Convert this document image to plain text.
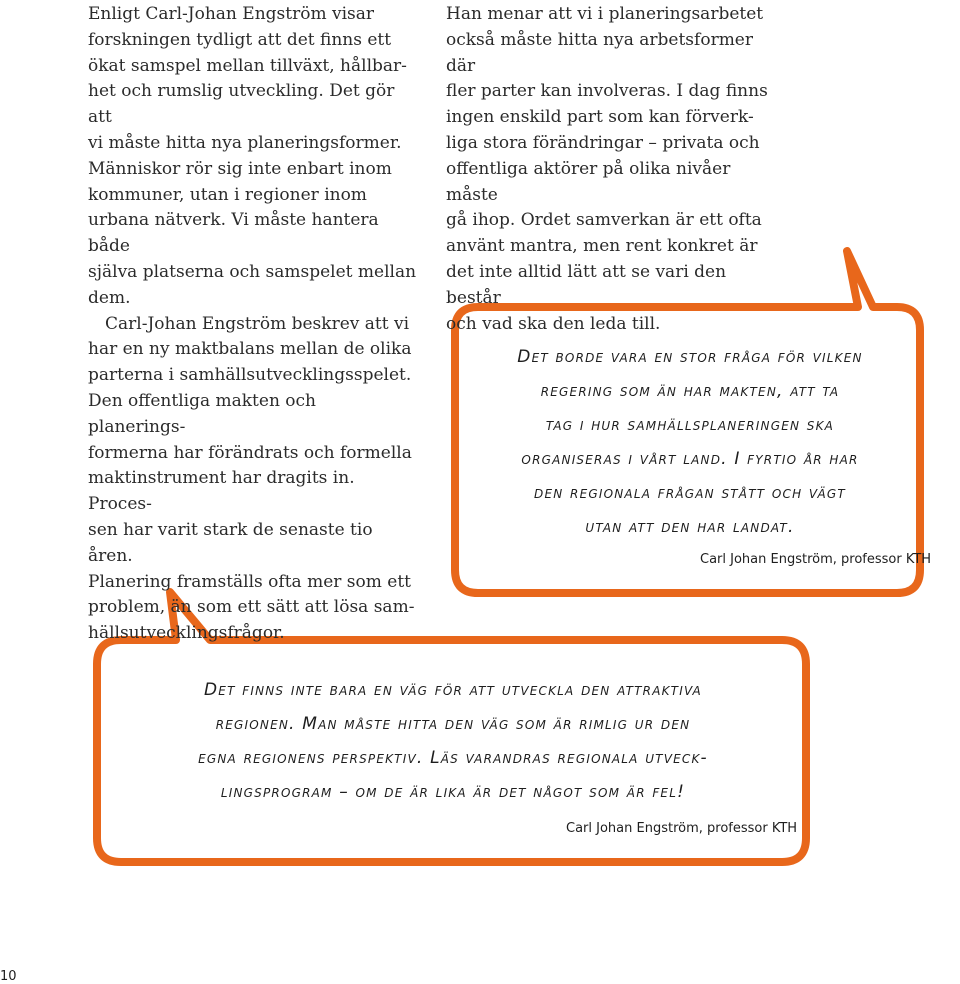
Enligt Carl-Johan Engström visar
forskningen tydligt att det finns ett
ökat samspel mellan tillväxt, hållbar-
het och rumslig utveckling. Det gör att
vi måste hitta nya planeringsformer.
Människor rör sig inte enbart inom
kommuner, utan i regioner inom
urbana nätverk. Vi måste hantera både
själva platserna och samspelet mellan
dem.

Carl-Johan Engström beskrev att vi
har en ny maktbalans mellan de olika
parterna i samhällsutvecklingsspelet.
Den offentliga makten och planerings-
formerna har förändrats och formella
maktinstrument har dragits in. Proces-
sen har varit stark de senaste tio åren.
Planering framställs ofta mer som ett
problem, än som ett sätt att lösa sam-
hällsutvecklingsfrågor.

Han menar att vi i planeringsarbetet
också måste hitta nya arbetsformer där
fler parter kan involveras. I dag finns
ingen enskild part som kan förverk-
liga stora förändringar – privata och
offentliga aktörer på olika nivåer måste
gå ihop. Ordet samverkan är ett ofta
använt mantra, men rent konkret är
det inte alltid lätt att se vari den består
och vad ska den leda till.

Det borde vara en stor fråga för vilken
regering som än har makten, att ta
tag i hur samhällsplaneringen ska
organiseras i vårt land. I fyrtio år har
den regionala frågan stått och vägt
utan att den har landat.
Carl Johan Engström, professor KTH
Det finns inte bara en väg för att utveckla den attraktiva
regionen. Man måste hitta den väg som är rimlig ur den
egna regionens perspektiv. Läs varandras regionala utveck-
lingsprogram – om de är lika är det något som är fel!
Carl Johan Engström, professor KTH
10
